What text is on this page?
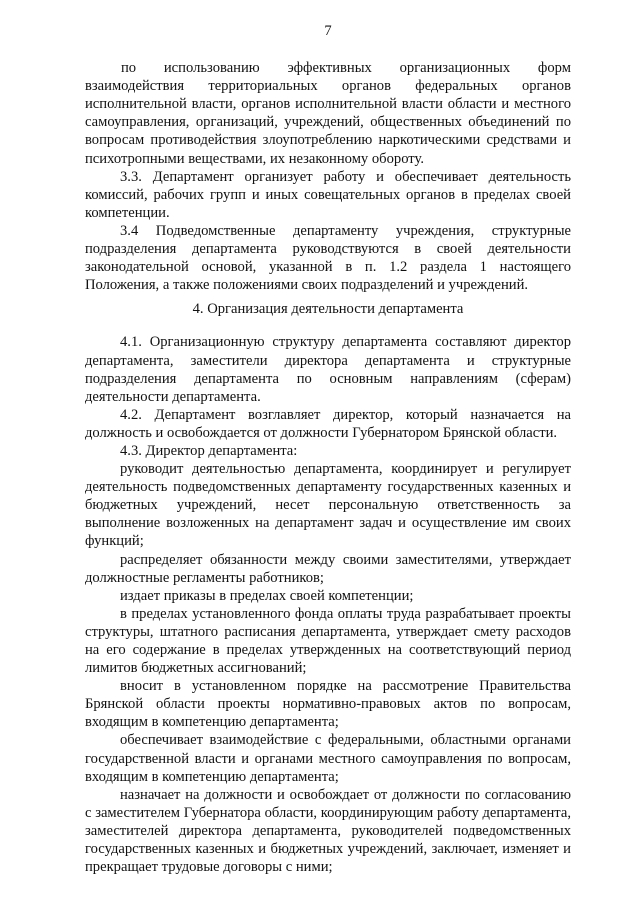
7

по использованию эффективных организационных форм взаимодействия территориальных органов федеральных органов исполнительной власти, органов исполнительной власти области и местного самоуправления, организаций, учреждений, общественных объединений по вопросам противодействия злоупотреблению наркотическими средствами и психотропными веществами, их незаконному обороту.

3.3. Департамент организует работу и обеспечивает деятельность комиссий, рабочих групп и иных совещательных органов в пределах своей компетенции.

3.4 Подведомственные департаменту учреждения, структурные подразделения департамента руководствуются в своей деятельности законодательной основой, указанной в п. 1.2 раздела 1 настоящего Положения, а также положениями своих подразделений и учреждений.

4. Организация деятельности департамента

4.1. Организационную структуру департамента составляют директор департамента, заместители директора департамента и структурные подразделения департамента по основным направлениям (сферам) деятельности департамента.

4.2. Департамент возглавляет директор, который назначается на должность и освобождается от должности Губернатором Брянской области.

4.3. Директор департамента:

руководит деятельностью департамента, координирует и регулирует деятельность подведомственных департаменту государственных казенных и бюджетных учреждений, несет персональную ответственность за выполнение возложенных на департамент задач и осуществление им своих функций;

распределяет обязанности между своими заместителями, утверждает должностные регламенты работников;

издает приказы в пределах своей компетенции;

в пределах установленного фонда оплаты труда разрабатывает проекты структуры, штатного расписания департамента, утверждает смету расходов на его содержание в пределах утвержденных на соответствующий период лимитов бюджетных ассигнований;

вносит в установленном порядке на рассмотрение Правительства Брянской области проекты нормативно-правовых актов по вопросам, входящим в компетенцию департамента;

обеспечивает взаимодействие с федеральными, областными органами государственной власти и органами местного самоуправления по вопросам, входящим в компетенцию департамента;

назначает на должности и освобождает от должности по согласованию с заместителем Губернатора области, координирующим работу департамента, заместителей директора департамента, руководителей подведомственных государственных казенных и бюджетных учреждений, заключает, изменяет и прекращает трудовые договоры с ними;
